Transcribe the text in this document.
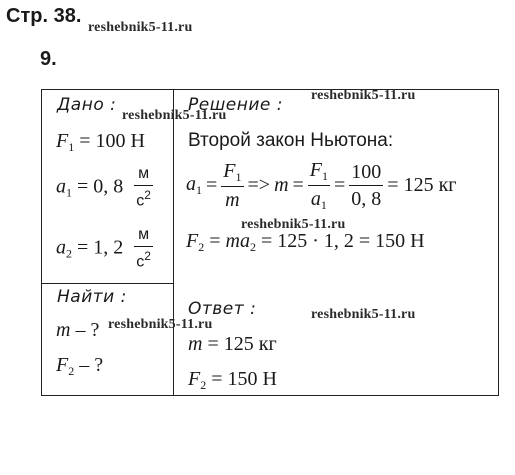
Стр. 38.
reshebnik5-11.ru
9.
Дано :
reshebnik5-11.ru
$F_1 = 100$ Н
$a_1 = 0$, $8 \frac{м}{с^2}$
$a_2 = 1$, $2 \frac{м}{с^2}$
Найти :
m – ? reshebnik5-11.ru
$F_2$ – ?
Решение : reshebnik5-11.ru
Второй закон Ньютона:
$a_1 = \frac{F_1}{m} => m = \frac{F_1}{a_1} = \frac{100}{0, 8} = 125$ кг
reshebnik5-11.ru
$F_2 = ma_2 = 125 \cdot 1$, 2 = 150 Н
Ответ :	reshebnik5-11.ru
m = 125 кг
$F_2 = 150$ Н
